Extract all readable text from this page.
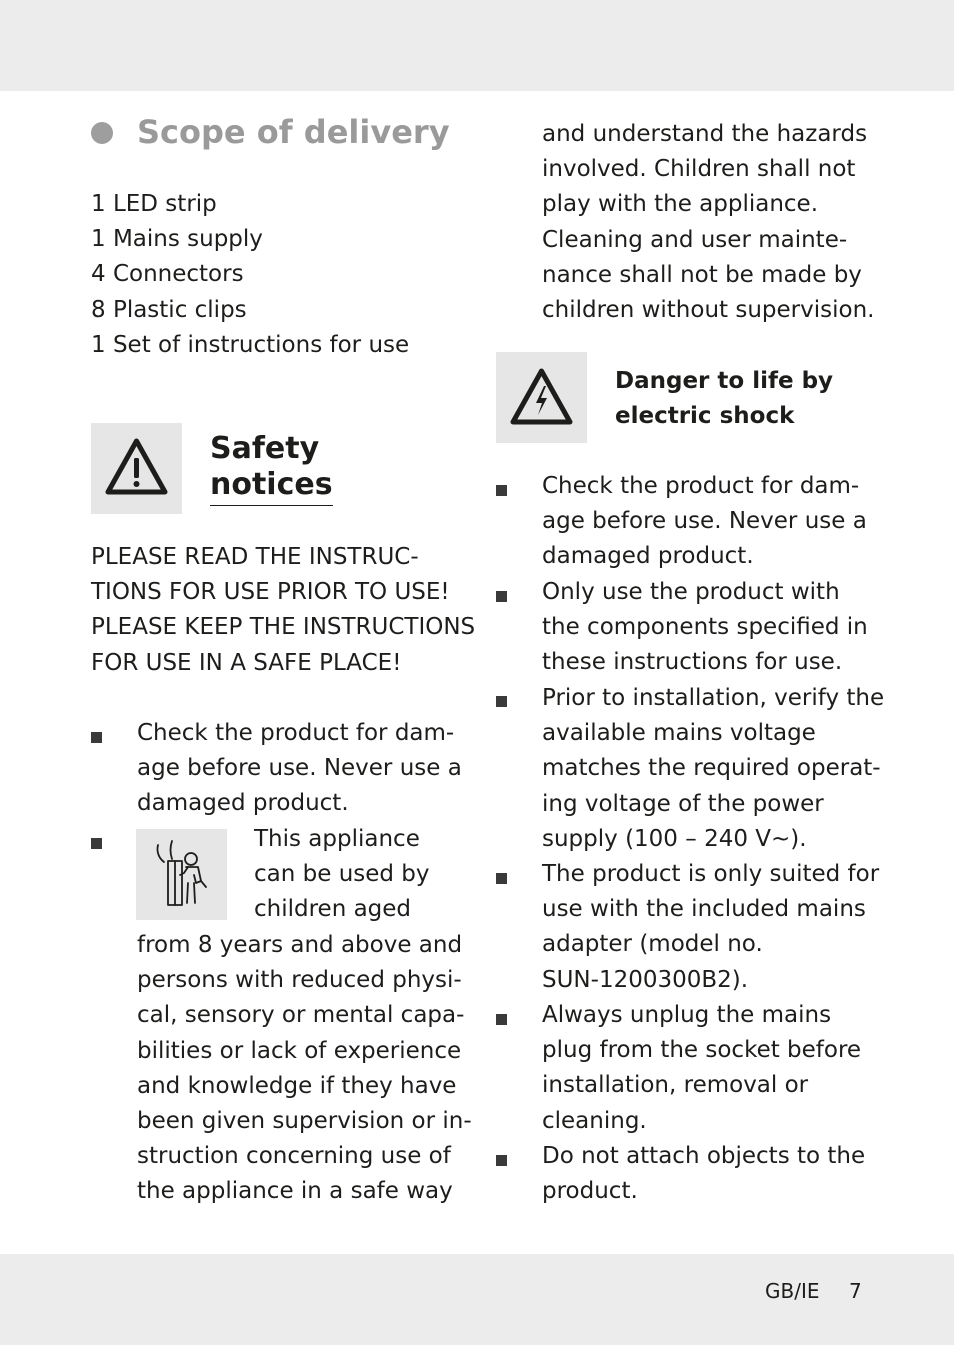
Scope of delivery
1 LED strip
1 Mains supply
4 Connectors
8 Plastic clips
1 Set of instructions for use
Safety
notices
PLEASE READ THE INSTRUC-
TIONS FOR USE PRIOR TO USE!
PLEASE KEEP THE INSTRUCTIONS
FOR USE IN A SAFE PLACE!
Check the product for dam-
age before use. Never use a
damaged product.
This appliance
can be used by
children aged
from 8 years and above and
persons with reduced physi-
cal, sensory or mental capa-
bilities or lack of experience
and knowledge if they have
been given supervision or in-
struction concerning use of
the appliance in a safe way
and understand the hazards
involved. Children shall not
play with the appliance.
Cleaning and user mainte-
nance shall not be made by
children without supervision.
Danger to life by
electric shock
Check the product for dam-
age before use. Never use a
damaged product.
Only use the product with
the components specified in
these instructions for use.
Prior to installation, verify the
available mains voltage
matches the required operat-
ing voltage of the power
supply (100 – 240 V~).
The product is only suited for
use with the included mains
adapter (model no.
SUN-1200300B2).
Always unplug the mains
plug from the socket before
installation, removal or
cleaning.
Do not attach objects to the
product.
GB/IE 7
